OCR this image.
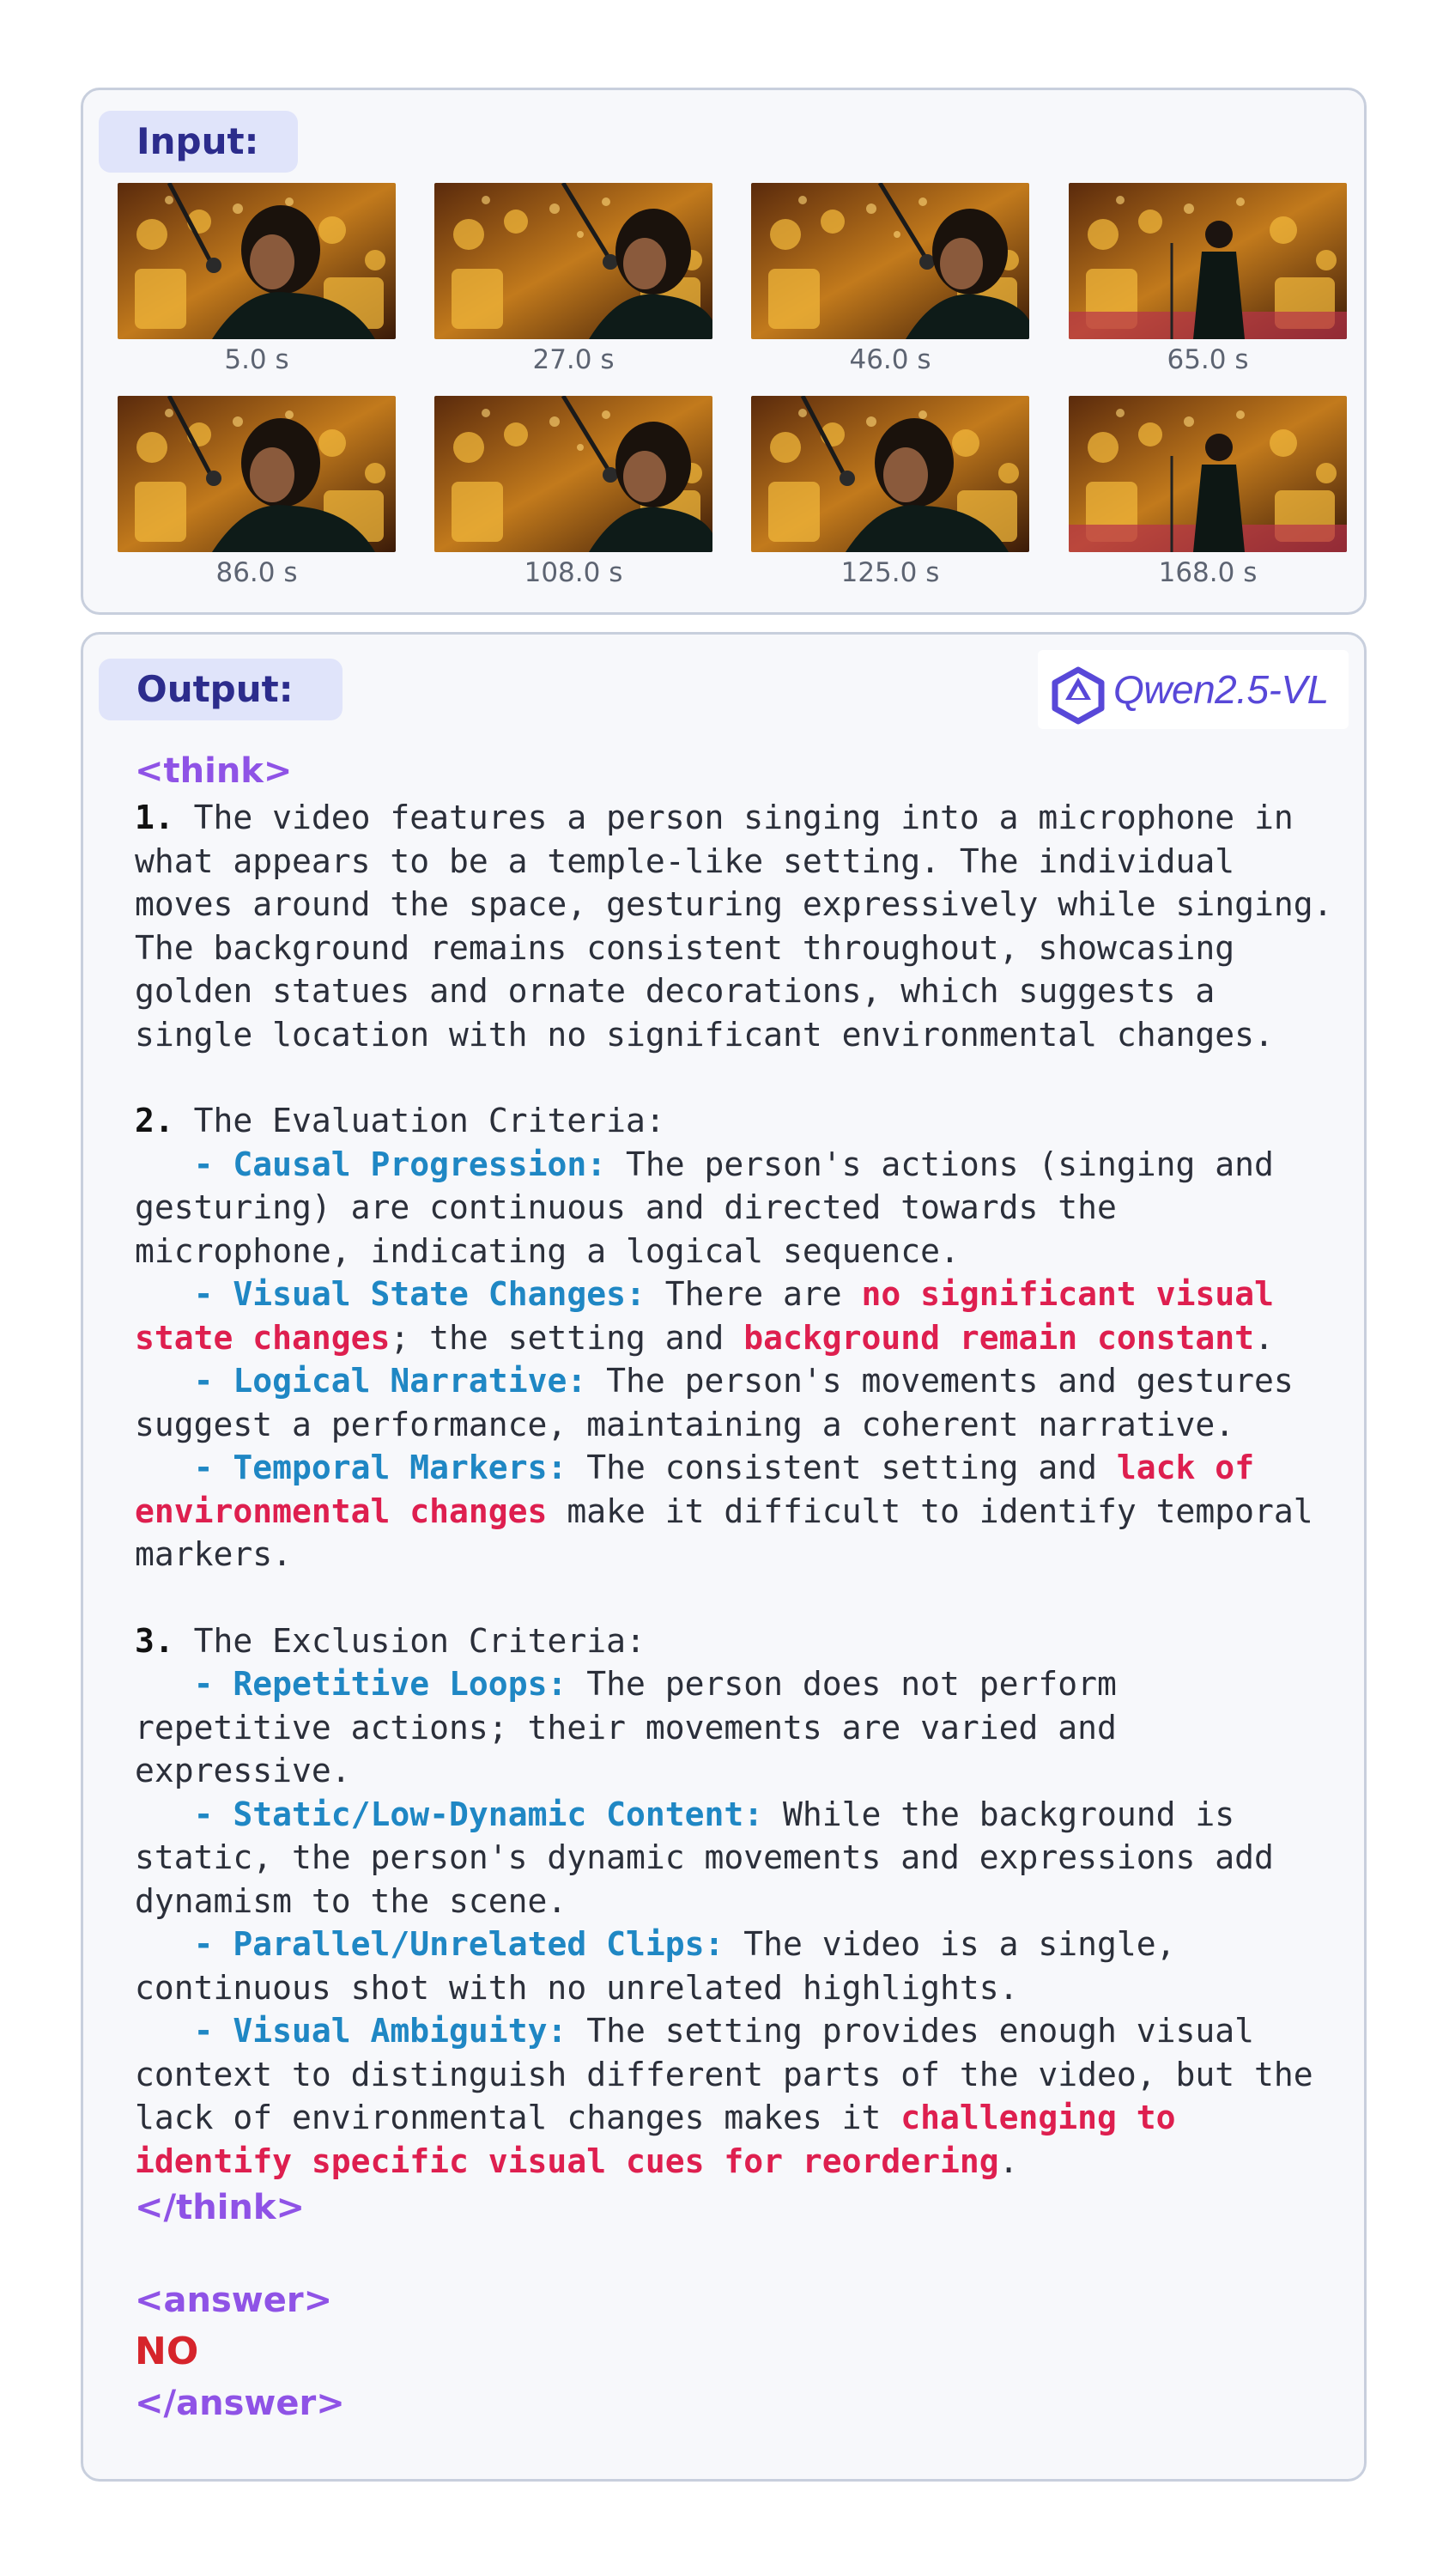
Input:
5.0 s	27.0 s	46.0 s	65.0 s
86.0 s	108.0 s	125.0 s	168.0 s
Output:	Qwen2.5-VL
<think>
1. The video features a person singing into a microphone in
what appears to be a temple-like setting. The individual
moves around the space, gesturing expressively while singing.
The background remains consistent throughout, showcasing
golden statues and ornate decorations, which suggests a
single location with no significant environmental changes.
2. The Evaluation Criteria:
- Causal Progression: The person's actions (singing and
gesturing) are continuous and directed towards the
microphone, indicating a logical sequence.
- Visual State Changes: There are no significant visual
state changes; the setting and background remain constant.
- Logical Narrative: The person's movements and gestures
suggest a performance, maintaining a coherent narrative.
- Temporal Markers: The consistent setting and lack of
environmental changes make it difficult to identify temporal
markers.
3. The Exclusion Criteria:
- Repetitive Loops: The person does not perform
repetitive actions; their movements are varied and
expressive.
- Static/Low-Dynamic Content: While the background is
static, the person's dynamic movements and expressions add
dynamism to the scene.
- Parallel/Unrelated Clips: The video is a single,
continuous shot with no unrelated highlights.
- Visual Ambiguity: The setting provides enough visual
context to distinguish different parts of the video, but the
lack of environmental changes makes it challenging to
identify specific visual cues for reordering.
</think>
<answer>
NO
</answer>
